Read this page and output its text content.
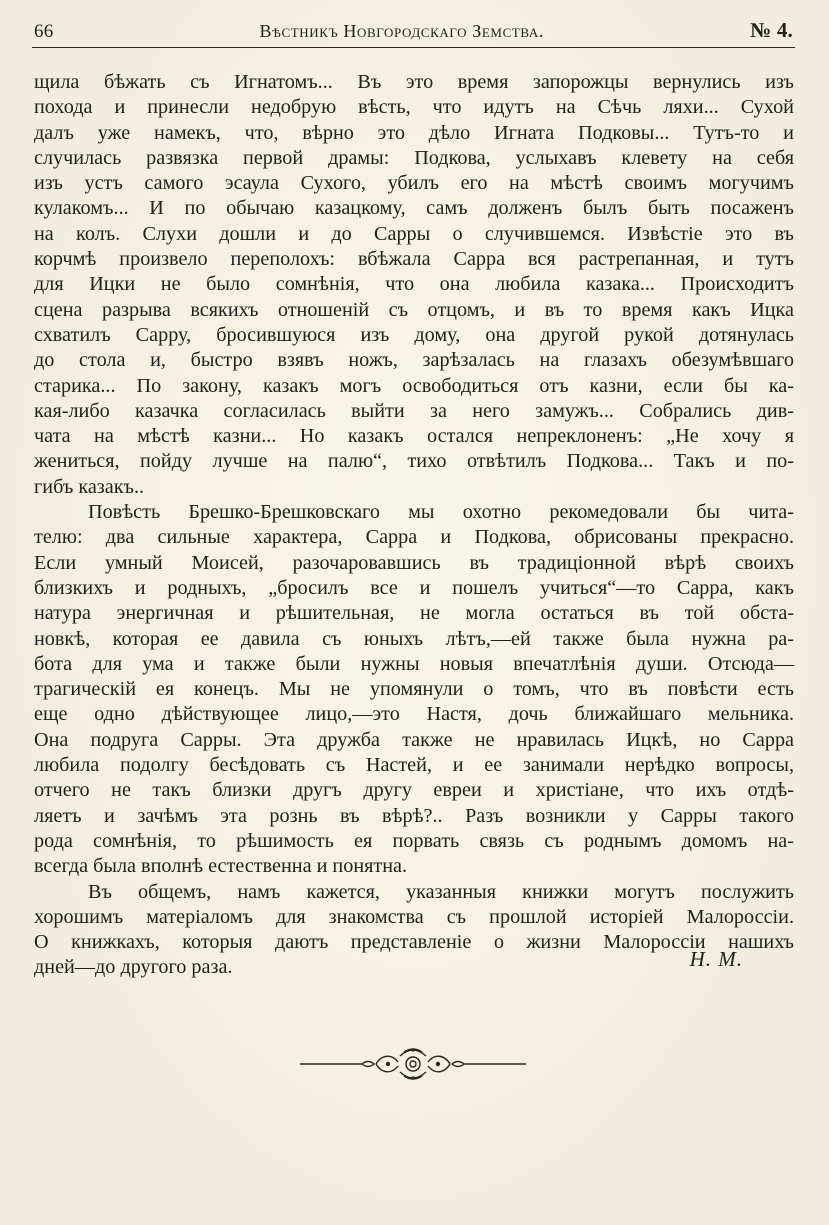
66	Вѣстникъ Новгородскаго Земства.	№ 4.

щила бѣжать съ Игнатомъ... Въ это время запорожцы вернулись изъ

похода и принесли недобрую вѣсть, что идутъ на Сѣчь ляхи... Сухой

далъ уже намекъ, что, вѣрно это дѣло Игната Подковы... Тутъ-то и

случилась развязка первой драмы: Подкова, услыхавъ клевету на себя

изъ устъ самого эсаула Сухого, убилъ его на мѣстѣ своимъ могучимъ

кулакомъ... И по обычаю казацкому, самъ долженъ былъ быть посаженъ

на колъ. Слухи дошли и до Сарры о случившемся. Извѣстіе это въ

корчмѣ произвело переполохъ: вбѣжала Сарра вся растрепанная, и тутъ

для Ицки не было сомнѣнія, что она любила казака... Происходитъ

сцена разрыва всякихъ отношеній съ отцомъ, и въ то время какъ Ицка

схватилъ Сарру, бросившуюся изъ дому, она другой рукой дотянулась

до стола и, быстро взявъ ножъ, зарѣзалась на глазахъ обезумѣвшаго

старика... По закону, казакъ могъ освободиться отъ казни, если бы ка-

кая-либо казачка согласилась выйти за него замужъ... Собрались див-

чата на мѣстѣ казни... Но казакъ остался непреклоненъ: „Не хочу я

жениться, пойду лучше на палю“, тихо отвѣтилъ Подкова... Такъ и по-

гибъ казакъ..

Повѣсть Брешко-Брешковскаго мы охотно рекомедовали бы чита-

телю: два сильные характера, Сарра и Подкова, обрисованы прекрасно.

Если умный Моисей, разочаровавшись въ традиціонной вѣрѣ своихъ

близкихъ и родныхъ, „бросилъ все и пошелъ учиться“—то Сарра, какъ

натура энергичная и рѣшительная, не могла остаться въ той обста-

новкѣ, которая ее давила съ юныхъ лѣтъ,—ей также была нужна ра-

бота для ума и также были нужны новыя впечатлѣнія души. Отсюда—

трагическій ея конецъ. Мы не упомянули о томъ, что въ повѣсти есть

еще одно дѣйствующее лицо,—это Настя, дочь ближайшаго мельника.

Она подруга Сарры. Эта дружба также не нравилась Ицкѣ, но Сарра

любила подолгу бесѣдовать съ Настей, и ее занимали нерѣдко вопросы,

отчего не такъ близки другъ другу евреи и христіане, что ихъ отдѣ-

ляетъ и зачѣмъ эта рознь въ вѣрѣ?.. Разъ возникли у Сарры такого

рода сомнѣнія, то рѣшимость ея порвать связь съ роднымъ домомъ на-

всегда была вполнѣ естественна и понятна.

Въ общемъ, намъ кажется, указанныя книжки могутъ послужить

хорошимъ матеріаломъ для знакомства съ прошлой исторіей Малороссіи.

О книжкахъ, которыя даютъ представленіе о жизни Малороссіи нашихъ

дней—до другого раза.	Н. М.
